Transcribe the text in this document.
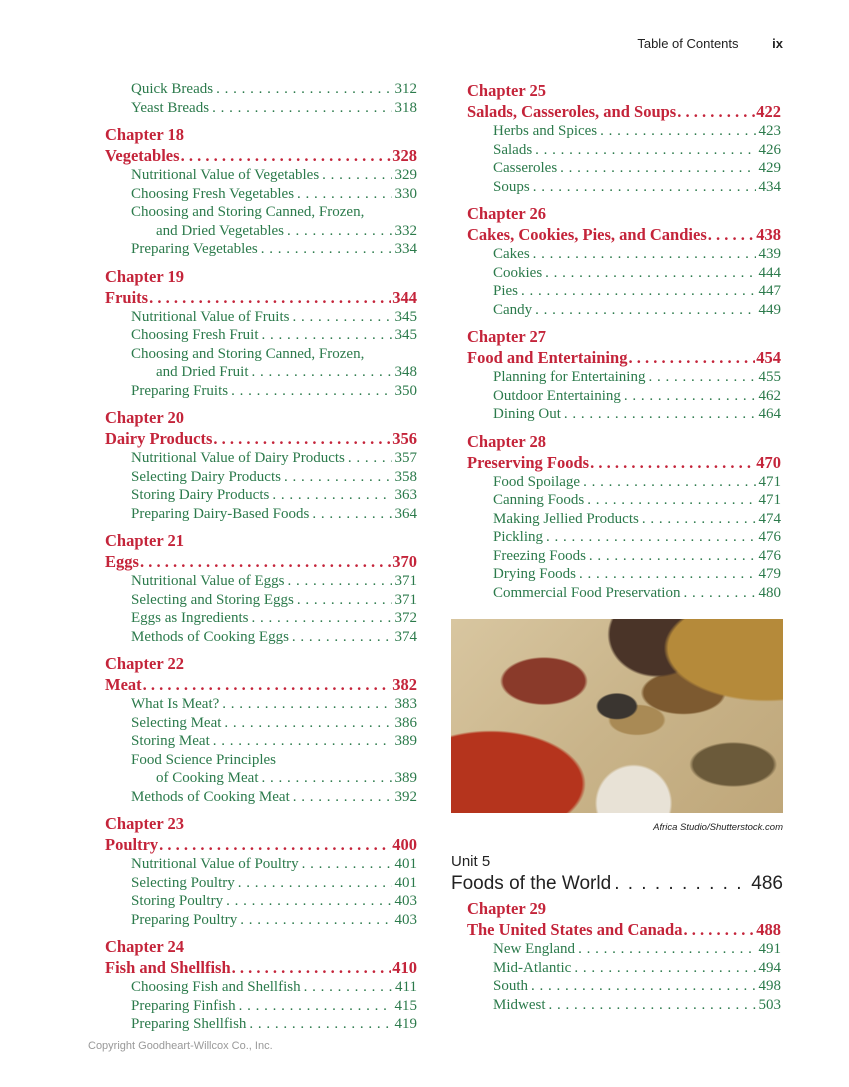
Table of Contents	ix
Quick Breads . . .	312
Yeast Breads . . .	318
Chapter 18
Vegetables . . .	328
Nutritional Value of Vegetables . . .	329
Choosing Fresh Vegetables . . .	330
Choosing and Storing Canned, Frozen,
and Dried Vegetables . . .	332
Preparing Vegetables . . .	334
Chapter 19
Fruits . . .	344
Nutritional Value of Fruits . . .	345
Choosing Fresh Fruit . . .	345
Choosing and Storing Canned, Frozen,
and Dried Fruit . . .	348
Preparing Fruits . . .	350
Chapter 20
Dairy Products . . .	356
Nutritional Value of Dairy Products . . .	357
Selecting Dairy Products . . .	358
Storing Dairy Products . . .	363
Preparing Dairy-Based Foods . . .	364
Chapter 21
Eggs . . .	370
Nutritional Value of Eggs . . .	371
Selecting and Storing Eggs . . .	371
Eggs as Ingredients . . .	372
Methods of Cooking Eggs . . .	374
Chapter 22
Meat . . .	382
What Is Meat? . . .	383
Selecting Meat . . .	386
Storing Meat . . .	389
Food Science Principles
of Cooking Meat . . .	389
Methods of Cooking Meat . . .	392
Chapter 23
Poultry . . .	400
Nutritional Value of Poultry . . .	401
Selecting Poultry . . .	401
Storing Poultry . . .	403
Preparing Poultry . . .	403
Chapter 24
Fish and Shellfish . . .	410
Choosing Fish and Shellfish . . .	411
Preparing Finfish . . .	415
Preparing Shellfish . . .	419
Chapter 25
Salads, Casseroles, and Soups . . .	422
Herbs and Spices . . .	423
Salads . . .	426
Casseroles . . .	429
Soups . . .	434
Chapter 26
Cakes, Cookies, Pies, and Candies . . .	438
Cakes . . .	439
Cookies . . .	444
Pies . . .	447
Candy . . .	449
Chapter 27
Food and Entertaining . . .	454
Planning for Entertaining . . .	455
Outdoor Entertaining . . .	462
Dining Out . . .	464
Chapter 28
Preserving Foods . . .	470
Food Spoilage . . .	471
Canning Foods . . .	471
Making Jellied Products . . .	474
Pickling . . .	476
Freezing Foods . . .	476
Drying Foods . . .	479
Commercial Food Preservation . . .	480
Africa Studio/Shutterstock.com
Unit 5
Foods of the World . . .	486
Chapter 29
The United States and Canada . . .	488
New England . . .	491
Mid-Atlantic . . .	494
South . . .	498
Midwest . . .	503
Copyright Goodheart-Willcox Co., Inc.
